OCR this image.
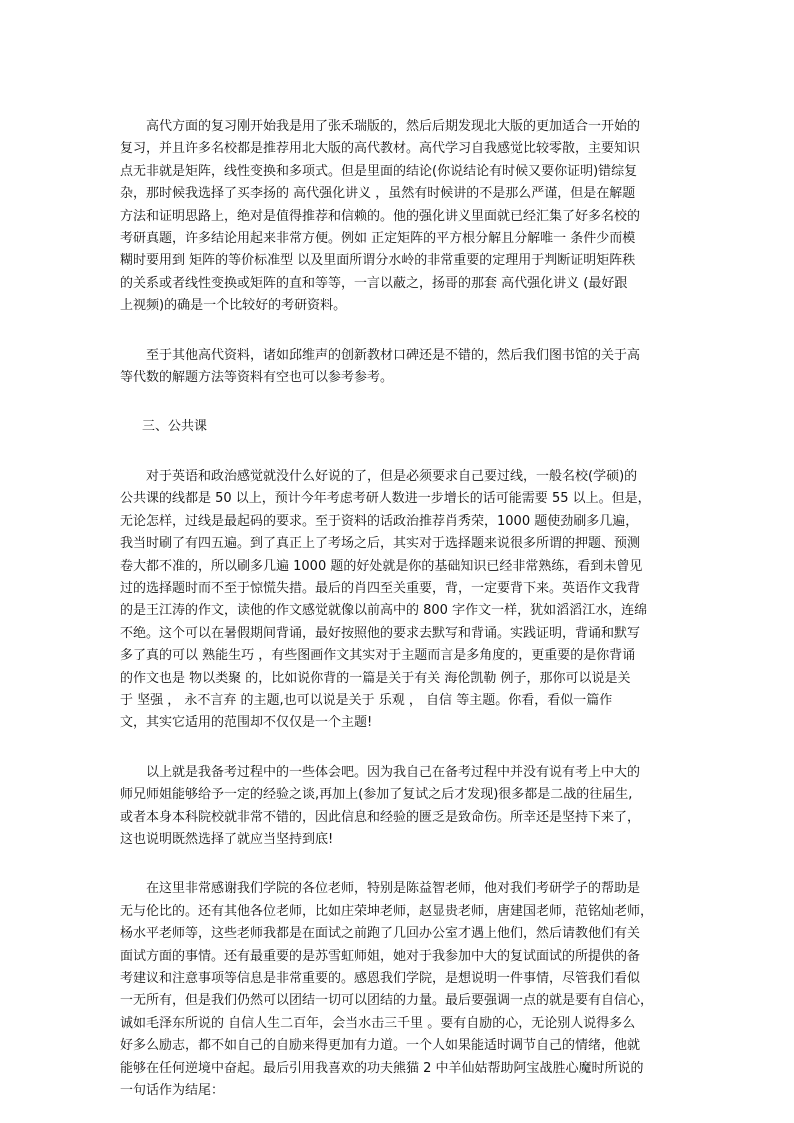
　　高代方面的复习刚开始我是用了张禾瑞版的，然后后期发现北大版的更加适合一开始的
复习，并且许多名校都是推荐用北大版的高代教材。高代学习自我感觉比较零散，主要知识
点无非就是矩阵，线性变换和多项式。但是里面的结论(你说结论有时候又要你证明)错综复
杂，那时候我选择了买李扬的 高代强化讲义 ，虽然有时候讲的不是那么严谨，但是在解题
方法和证明思路上，绝对是值得推荐和信赖的。他的强化讲义里面就已经汇集了好多名校的
考研真题，许多结论用起来非常方便。例如 正定矩阵的平方根分解且分解唯一 条件少而模
糊时要用到 矩阵的等价标准型 以及里面所谓分水岭的非常重要的定理用于判断证明矩阵秩
的关系或者线性变换或矩阵的直和等等，一言以蔽之，扬哥的那套 高代强化讲义 (最好跟
上视频)的确是一个比较好的考研资料。
　　至于其他高代资料，诸如邱维声的创新教材口碑还是不错的，然后我们图书馆的关于高
等代数的解题方法等资料有空也可以参考参考。

三、公共课

　　对于英语和政治感觉就没什么好说的了，但是必须要求自己要过线，一般名校(学硕)的
公共课的线都是 50 以上，预计今年考虑考研人数进一步增长的话可能需要 55 以上。但是，
无论怎样，过线是最起码的要求。至于资料的话政治推荐肖秀荣，1000 题使劲刷多几遍，
我当时刷了有四五遍。到了真正上了考场之后，其实对于选择题来说很多所谓的押题、预测
卷大都不准的，所以刷多几遍 1000 题的好处就是你的基础知识已经非常熟练，看到未曾见
过的选择题时而不至于惊慌失措。最后的肖四至关重要，背，一定要背下来。英语作文我背
的是王江涛的作文，读他的作文感觉就像以前高中的 800 字作文一样，犹如滔滔江水，连绵
不绝。这个可以在暑假期间背诵，最好按照他的要求去默写和背诵。实践证明，背诵和默写
多了真的可以 熟能生巧 ，有些图画作文其实对于主题而言是多角度的，更重要的是你背诵
的作文也是 物以类聚 的，比如说你背的一篇是关于有关 海伦凯勒 例子，那你可以说是关
于 坚强 ， 永不言弃 的主题,也可以说是关于 乐观 ， 自信 等主题。你看，看似一篇作
文，其实它适用的范围却不仅仅是一个主题!
　　以上就是我备考过程中的一些体会吧。因为我自己在备考过程中并没有说有考上中大的
师兄师姐能够给予一定的经验之谈,再加上(参加了复试之后才发现)很多都是二战的往届生,
或者本身本科院校就非常不错的，因此信息和经验的匮乏是致命伤。所幸还是坚持下来了，
这也说明既然选择了就应当坚持到底!
　　在这里非常感谢我们学院的各位老师，特别是陈益智老师，他对我们考研学子的帮助是
无与伦比的。还有其他各位老师，比如庄荣坤老师，赵显贵老师，唐建国老师，范铭灿老师，
杨水平老师等，这些老师我都是在面试之前跑了几回办公室才遇上他们，然后请教他们有关
面试方面的事情。还有最重要的是苏雪虹师姐，她对于我参加中大的复试面试的所提供的备
考建议和注意事项等信息是非常重要的。感恩我们学院，是想说明一件事情，尽管我们看似
一无所有，但是我们仍然可以团结一切可以团结的力量。最后要强调一点的就是要有自信心，
诚如毛泽东所说的 自信人生二百年，会当水击三千里 。要有自励的心，无论别人说得多么
好多么励志，都不如自己的自励来得更加有力道。一个人如果能适时调节自己的情绪，他就
能够在任何逆境中奋起。最后引用我喜欢的功夫熊猫 2 中羊仙姑帮助阿宝战胜心魔时所说的
一句话作为结尾：
